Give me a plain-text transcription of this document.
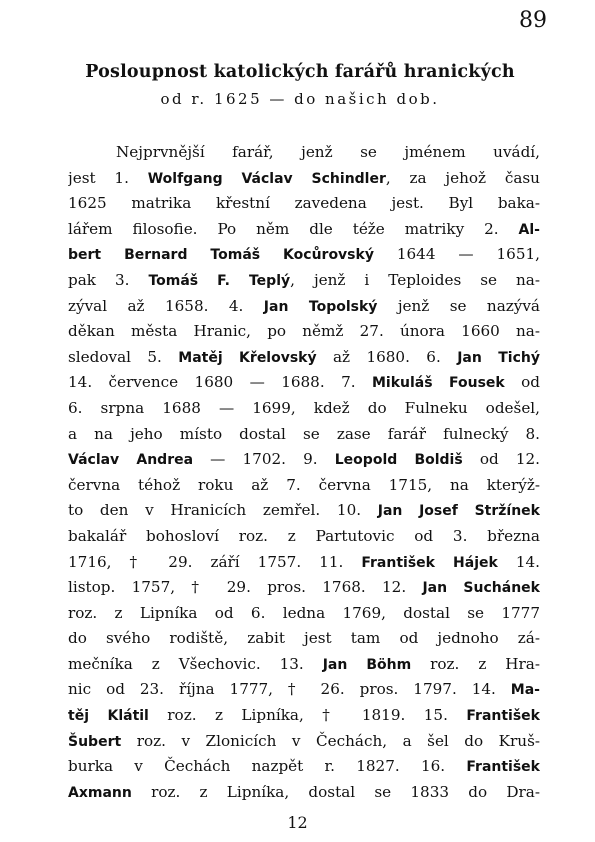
89
Posloupnost katolických farářů hranických
od r. 1625 — do našich dob.
Nejprvnější farář, jenž se jménem uvádí,
jest 1. Wolfgang Václav Schindler, za jehož času
1625 matrika křestní zavedena jest. Byl baka-
lářem filosofie. Po něm dle téže matriky 2. Al-
bert Bernard Tomáš Kocůrovský 1644 — 1651,
pak 3. Tomáš F. Teplý, jenž i Teploides se na-
zýval až 1658. 4. Jan Topolský jenž se nazývá
děkan města Hranic, po němž 27. února 1660 na-
sledoval 5. Matěj Křelovský až 1680. 6. Jan Tichý
14. července 1680 — 1688. 7. Mikuláš Fousek od
6. srpna 1688 — 1699, kdež do Fulneku odešel,
a na jeho místo dostal se zase farář fulnecký 8.
Václav Andrea — 1702. 9. Leopold Boldiš od 12.
června téhož roku až 7. června 1715, na kterýž-
to den v Hranicích zemřel. 10. Jan Josef Stržínek
bakalář bohosloví roz. z Partutovic od 3. března
1716, † 29. září 1757. 11. František Hájek 14.
listop. 1757, † 29. pros. 1768. 12. Jan Suchánek
roz. z Lipníka od 6. ledna 1769, dostal se 1777
do svého rodiště, zabit jest tam od jednoho zá-
mečníka z Všechovic. 13. Jan Böhm roz. z Hra-
nic od 23. října 1777, † 26. pros. 1797. 14. Ma-
těj Klátil roz. z Lipníka, † 1819. 15. František
Šubert roz. v Zlonicích v Čechách, a šel do Kruš-
burka v Čechách nazpět r. 1827. 16. František
Axmann roz. z Lipníka, dostal se 1833 do Dra-
12
